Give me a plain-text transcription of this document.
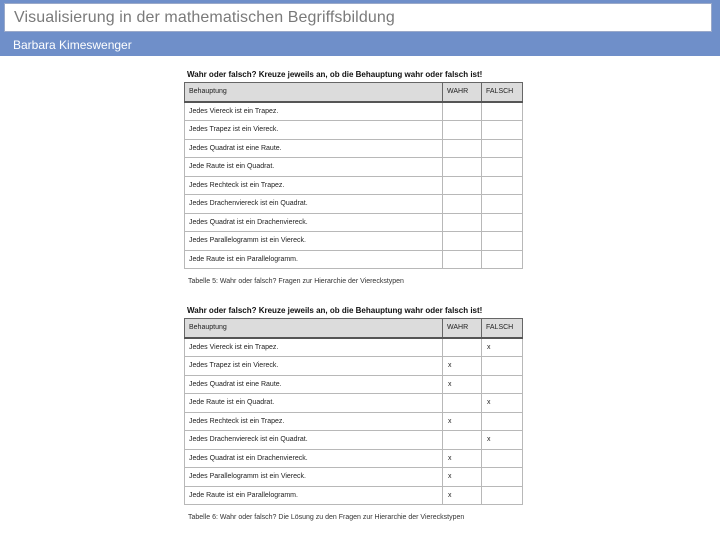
Visualisierung in der mathematischen Begriffsbildung
Barbara Kimeswenger
Wahr oder falsch? Kreuze jeweils an, ob die Behauptung wahr oder falsch ist!
Behauptung	WAHR	FALSCH
Jedes Viereck ist ein Trapez.		
Jedes Trapez ist ein Viereck.		
Jedes Quadrat ist eine Raute.		
Jede Raute ist ein Quadrat.		
Jedes Rechteck ist ein Trapez.		
Jedes Drachenviereck ist ein Quadrat.		
Jedes Quadrat ist ein Drachenviereck.		
Jedes Parallelogramm ist ein Viereck.		
Jede Raute ist ein Parallelogramm.		
Tabelle 5: Wahr oder falsch? Fragen zur Hierarchie der Viereckstypen
Wahr oder falsch? Kreuze jeweils an, ob die Behauptung wahr oder falsch ist!
Behauptung	WAHR	FALSCH
Jedes Viereck ist ein Trapez.		x
Jedes Trapez ist ein Viereck.	x	
Jedes Quadrat ist eine Raute.	x	
Jede Raute ist ein Quadrat.		x
Jedes Rechteck ist ein Trapez.	x	
Jedes Drachenviereck ist ein Quadrat.		x
Jedes Quadrat ist ein Drachenviereck.	x	
Jedes Parallelogramm ist ein Viereck.	x	
Jede Raute ist ein Parallelogramm.	x	
Tabelle 6: Wahr oder falsch? Die Lösung zu den Fragen zur Hierarchie der Viereckstypen
